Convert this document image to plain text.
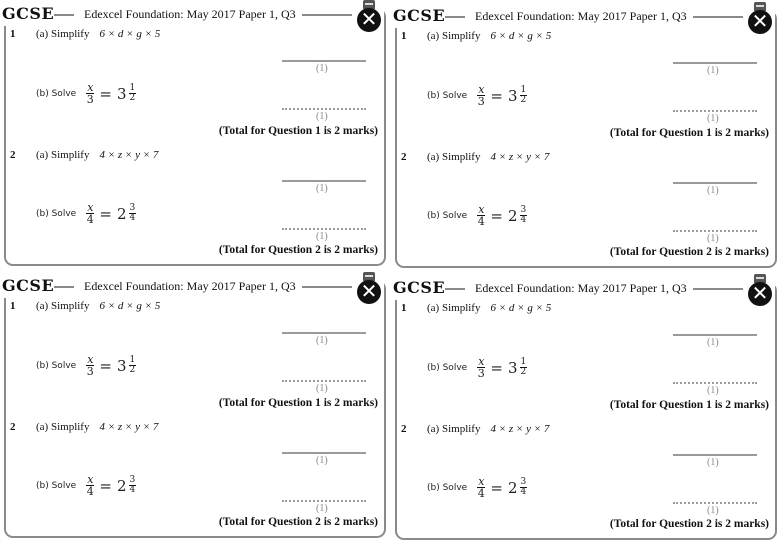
GCSE	Edexcel Foundation: May 2017 Paper 1, Q3	✕
1 (a) Simplify 6 × d × g × 5
(1)
(b) Solve $\frac{x}{3} = 3 \frac{1}{2}$
(1)
(Total for Question 1 is 2 marks)
2 (a) Simplify 4 × z × y × 7
(1)
(b) Solve $\frac{x}{4} = 2 \frac{3}{4}$
(1)
(Total for Question 2 is 2 marks)
GCSE	Edexcel Foundation: May 2017 Paper 1, Q3	✕
1 (a) Simplify 6 × d × g × 5
(1)
(b) Solve $\frac{x}{3} = 3 \frac{1}{2}$
(1)
(Total for Question 1 is 2 marks)
2 (a) Simplify 4 × z × y × 7
(1)
(b) Solve $\frac{x}{4} = 2 \frac{3}{4}$
(1)
(Total for Question 2 is 2 marks)
GCSE	Edexcel Foundation: May 2017 Paper 1, Q3	✕
1 (a) Simplify 6 × d × g × 5
(1)
(b) Solve $\frac{x}{3} = 3 \frac{1}{2}$
(1)
(Total for Question 1 is 2 marks)
2 (a) Simplify 4 × z × y × 7
(1)
(b) Solve $\frac{x}{4} = 2 \frac{3}{4}$
(1)
(Total for Question 2 is 2 marks)
GCSE	Edexcel Foundation: May 2017 Paper 1, Q3	✕
1 (a) Simplify 6 × d × g × 5
(1)
(b) Solve $\frac{x}{3} = 3 \frac{1}{2}$
(1)
(Total for Question 1 is 2 marks)
2 (a) Simplify 4 × z × y × 7
(1)
(b) Solve $\frac{x}{4} = 2 \frac{3}{4}$
(1)
(Total for Question 2 is 2 marks)
